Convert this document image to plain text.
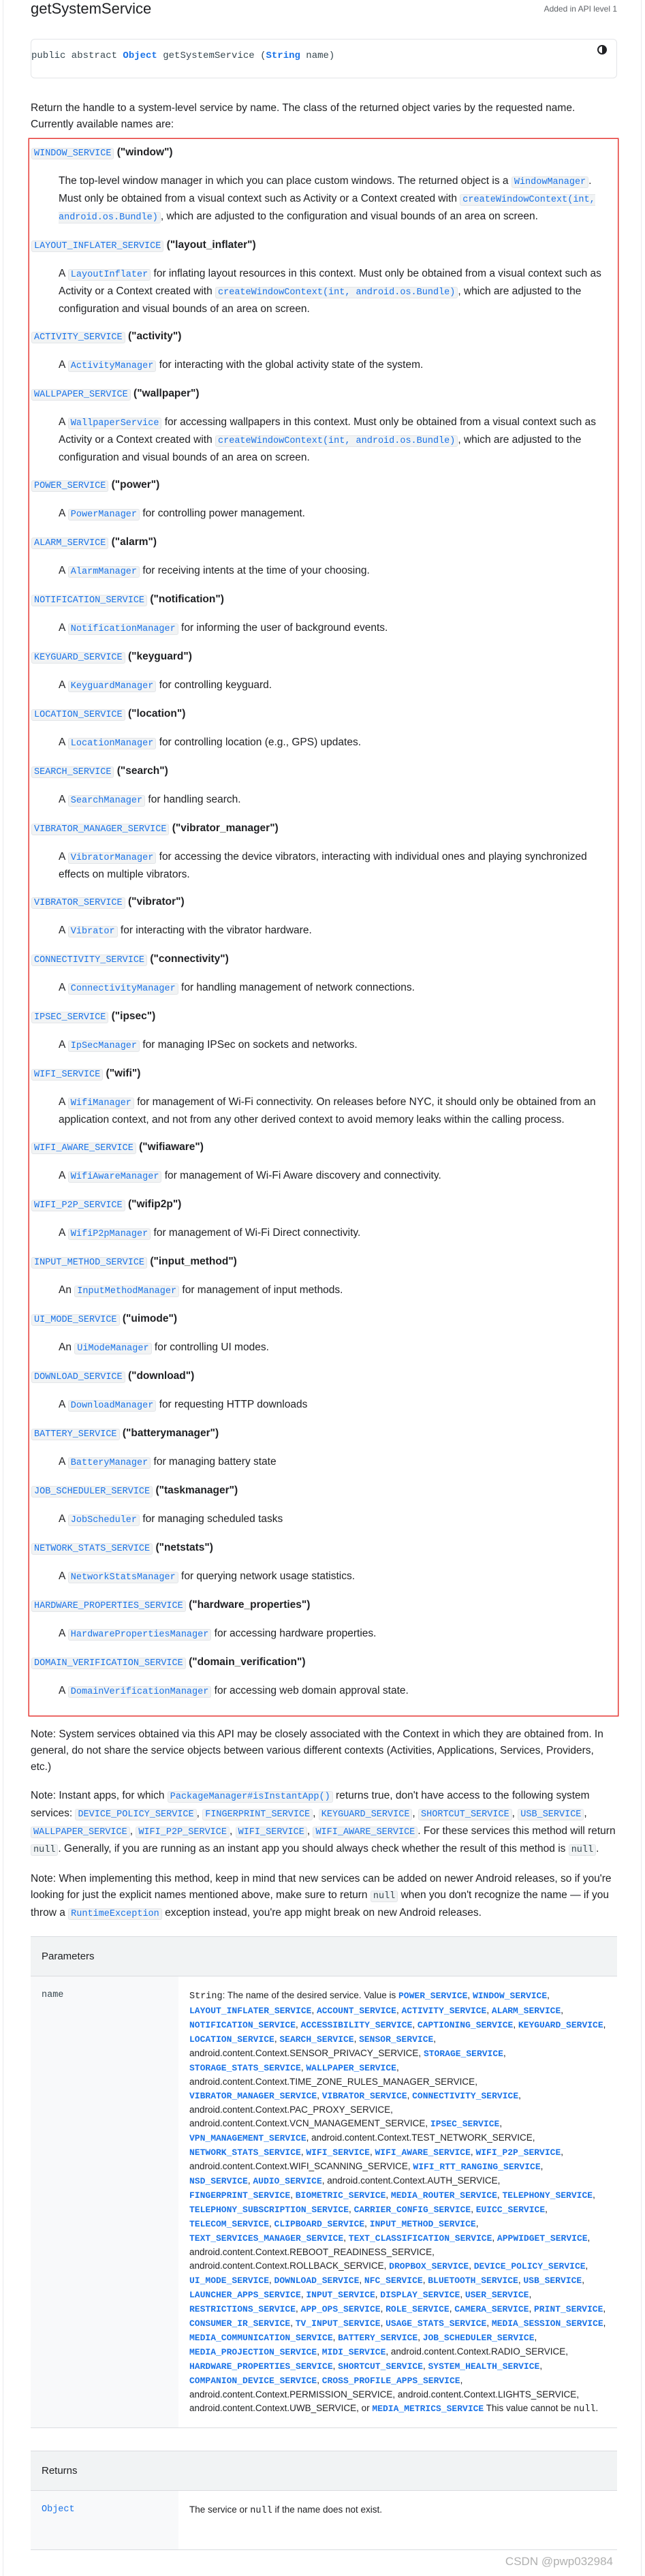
getSystemService	Added in API level 1
public abstract Object getSystemService (String name)

Return the handle to a system-level service by name. The class of the returned object varies by the requested name. Currently available names are:

WINDOW_SERVICE ("window")

The top-level window manager in which you can place custom windows. The returned object is a WindowManager . Must only be obtained from a visual context such as Activity or a Context created with createWindowContext(int, android.os.Bundle) , which are adjusted to the configuration and visual bounds of an area on screen.

LAYOUT_INFLATER_SERVICE ("layout_inflater")

A LayoutInflater for inflating layout resources in this context. Must only be obtained from a visual context such as Activity or a Context created with createWindowContext(int, android.os.Bundle) , which are adjusted to the configuration and visual bounds of an area on screen.

ACTIVITY_SERVICE ("activity")

A ActivityManager for interacting with the global activity state of the system.

WALLPAPER_SERVICE ("wallpaper")

A WallpaperService for accessing wallpapers in this context. Must only be obtained from a visual context such as Activity or a Context created with createWindowContext(int, android.os.Bundle) , which are adjusted to the configuration and visual bounds of an area on screen.

POWER_SERVICE ("power")

A PowerManager for controlling power management.

ALARM_SERVICE ("alarm")

A AlarmManager for receiving intents at the time of your choosing.

NOTIFICATION_SERVICE ("notification")

A NotificationManager for informing the user of background events.

KEYGUARD_SERVICE ("keyguard")

A KeyguardManager for controlling keyguard.

LOCATION_SERVICE ("location")

A LocationManager for controlling location (e.g., GPS) updates.

SEARCH_SERVICE ("search")

A SearchManager for handling search.

VIBRATOR_MANAGER_SERVICE ("vibrator_manager")

A VibratorManager for accessing the device vibrators, interacting with individual ones and playing synchronized effects on multiple vibrators.

VIBRATOR_SERVICE ("vibrator")

A Vibrator for interacting with the vibrator hardware.

CONNECTIVITY_SERVICE ("connectivity")

A ConnectivityManager for handling management of network connections.

IPSEC_SERVICE ("ipsec")

A IpSecManager for managing IPSec on sockets and networks.

WIFI_SERVICE ("wifi")

A WifiManager for management of Wi-Fi connectivity. On releases before NYC, it should only be obtained from an application context, and not from any other derived context to avoid memory leaks within the calling process.

WIFI_AWARE_SERVICE ("wifiaware")

A WifiAwareManager for management of Wi-Fi Aware discovery and connectivity.

WIFI_P2P_SERVICE ("wifip2p")

A WifiP2pManager for management of Wi-Fi Direct connectivity.

INPUT_METHOD_SERVICE ("input_method")

An InputMethodManager for management of input methods.

UI_MODE_SERVICE ("uimode")

An UiModeManager for controlling UI modes.

DOWNLOAD_SERVICE ("download")

A DownloadManager for requesting HTTP downloads

BATTERY_SERVICE ("batterymanager")

A BatteryManager for managing battery state

JOB_SCHEDULER_SERVICE ("taskmanager")

A JobScheduler for managing scheduled tasks

NETWORK_STATS_SERVICE ("netstats")

A NetworkStatsManager for querying network usage statistics.

HARDWARE_PROPERTIES_SERVICE ("hardware_properties")

A HardwarePropertiesManager for accessing hardware properties.

DOMAIN_VERIFICATION_SERVICE ("domain_verification")

A DomainVerificationManager for accessing web domain approval state.

Note: System services obtained via this API may be closely associated with the Context in which they are obtained from. In general, do not share the service objects between various different contexts (Activities, Applications, Services, Providers, etc.)

Note: Instant apps, for which PackageManager#isInstantApp() returns true, don't have access to the following system services: DEVICE_POLICY_SERVICE , FINGERPRINT_SERVICE , KEYGUARD_SERVICE , SHORTCUT_SERVICE , USB_SERVICE , WALLPAPER_SERVICE , WIFI_P2P_SERVICE , WIFI_SERVICE , WIFI_AWARE_SERVICE . For these services this method will return null . Generally, if you are running as an instant app you should always check whether the result of this method is null .

Note: When implementing this method, keep in mind that new services can be added on newer Android releases, so if you're looking for just the explicit names mentioned above, make sure to return null when you don't recognize the name — if you throw a RuntimeException exception instead, you're app might break on new Android releases.

Parameters
name	String: The name of the desired service. Value is POWER_SERVICE, WINDOW_SERVICE, LAYOUT_INFLATER_SERVICE, ACCOUNT_SERVICE, ACTIVITY_SERVICE, ALARM_SERVICE, NOTIFICATION_SERVICE, ACCESSIBILITY_SERVICE, CAPTIONING_SERVICE, KEYGUARD_SERVICE, LOCATION_SERVICE, SEARCH_SERVICE, SENSOR_SERVICE, android.content.Context.SENSOR_PRIVACY_SERVICE, STORAGE_SERVICE, STORAGE_STATS_SERVICE, WALLPAPER_SERVICE, android.content.Context.TIME_ZONE_RULES_MANAGER_SERVICE, VIBRATOR_MANAGER_SERVICE, VIBRATOR_SERVICE, CONNECTIVITY_SERVICE, android.content.Context.PAC_PROXY_SERVICE, android.content.Context.VCN_MANAGEMENT_SERVICE, IPSEC_SERVICE, VPN_MANAGEMENT_SERVICE, android.content.Context.TEST_NETWORK_SERVICE, NETWORK_STATS_SERVICE, WIFI_SERVICE, WIFI_AWARE_SERVICE, WIFI_P2P_SERVICE, android.content.Context.WIFI_SCANNING_SERVICE, WIFI_RTT_RANGING_SERVICE, NSD_SERVICE, AUDIO_SERVICE, android.content.Context.AUTH_SERVICE, FINGERPRINT_SERVICE, BIOMETRIC_SERVICE, MEDIA_ROUTER_SERVICE, TELEPHONY_SERVICE, TELEPHONY_SUBSCRIPTION_SERVICE, CARRIER_CONFIG_SERVICE, EUICC_SERVICE, TELECOM_SERVICE, CLIPBOARD_SERVICE, INPUT_METHOD_SERVICE, TEXT_SERVICES_MANAGER_SERVICE, TEXT_CLASSIFICATION_SERVICE, APPWIDGET_SERVICE, android.content.Context.REBOOT_READINESS_SERVICE, android.content.Context.ROLLBACK_SERVICE, DROPBOX_SERVICE, DEVICE_POLICY_SERVICE, UI_MODE_SERVICE, DOWNLOAD_SERVICE, NFC_SERVICE, BLUETOOTH_SERVICE, USB_SERVICE, LAUNCHER_APPS_SERVICE, INPUT_SERVICE, DISPLAY_SERVICE, USER_SERVICE, RESTRICTIONS_SERVICE, APP_OPS_SERVICE, ROLE_SERVICE, CAMERA_SERVICE, PRINT_SERVICE, CONSUMER_IR_SERVICE, TV_INPUT_SERVICE, USAGE_STATS_SERVICE, MEDIA_SESSION_SERVICE, MEDIA_COMMUNICATION_SERVICE, BATTERY_SERVICE, JOB_SCHEDULER_SERVICE, MEDIA_PROJECTION_SERVICE, MIDI_SERVICE, android.content.Context.RADIO_SERVICE, HARDWARE_PROPERTIES_SERVICE, SHORTCUT_SERVICE, SYSTEM_HEALTH_SERVICE, COMPANION_DEVICE_SERVICE, CROSS_PROFILE_APPS_SERVICE, android.content.Context.PERMISSION_SERVICE, android.content.Context.LIGHTS_SERVICE, android.content.Context.UWB_SERVICE, or MEDIA_METRICS_SERVICE This value cannot be null.
Returns
Object	The service or null if the name does not exist.
CSDN @pwp032984
